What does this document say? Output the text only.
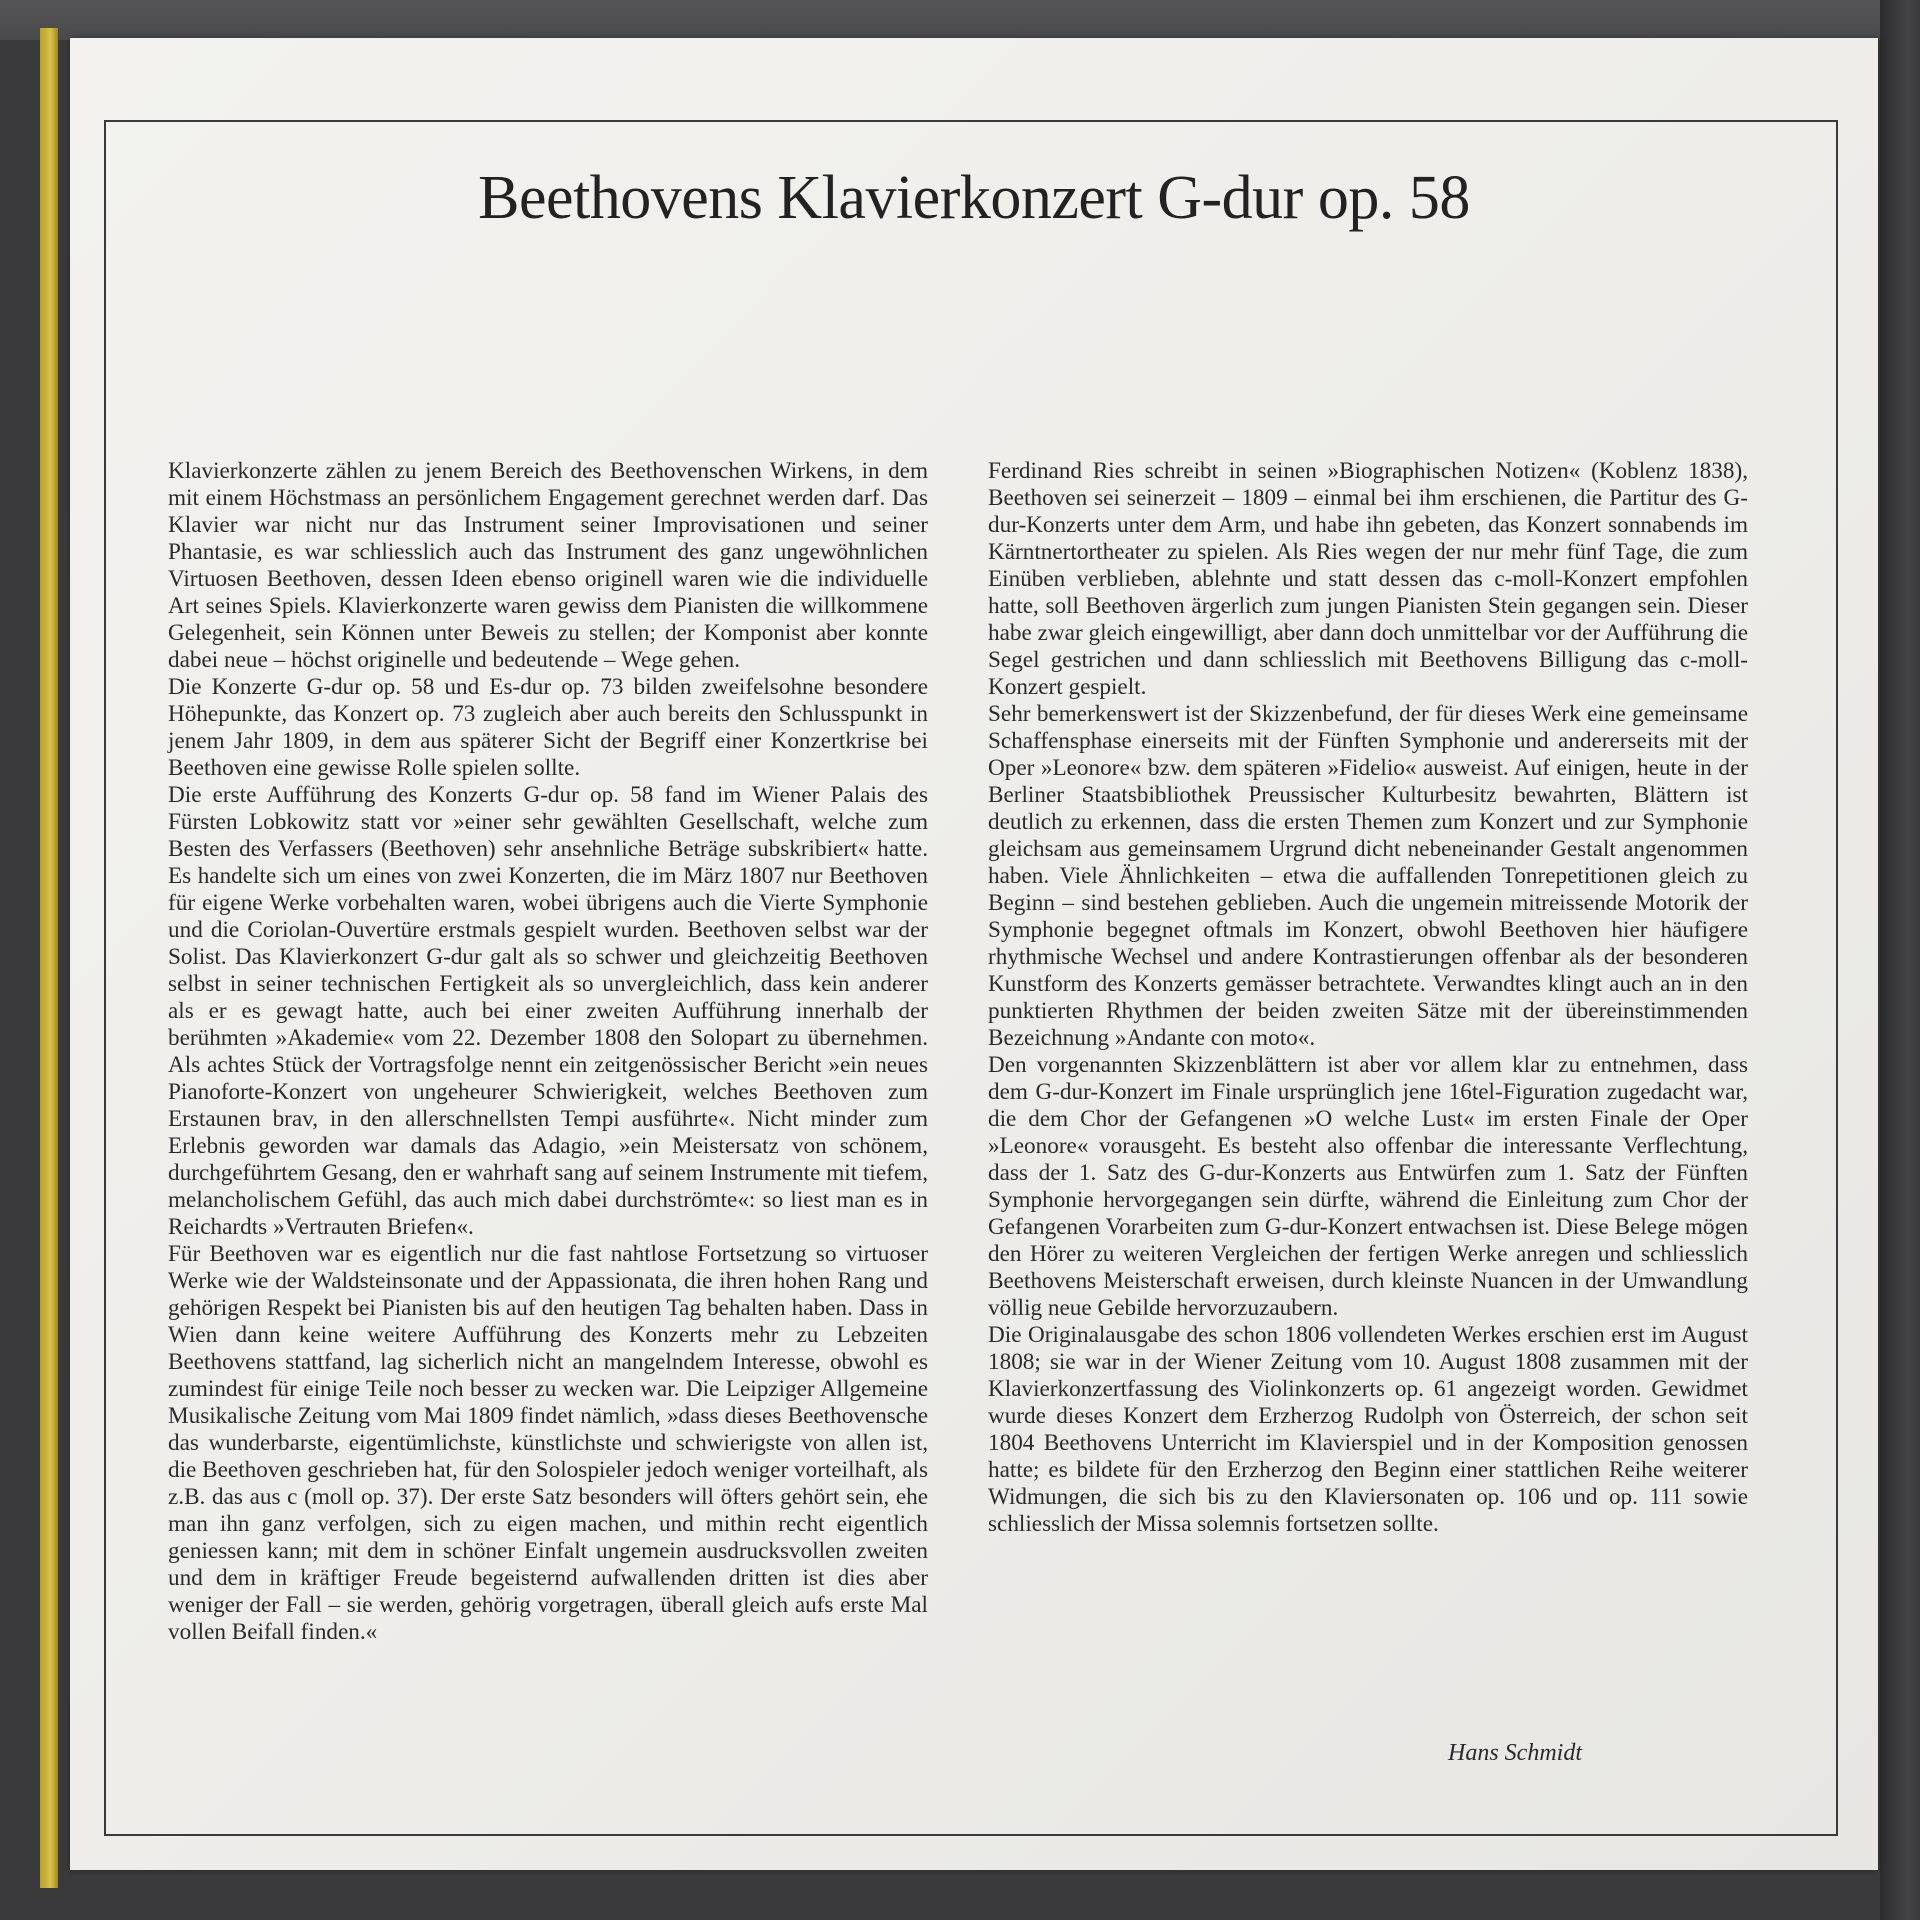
Beethovens Klavierkonzert G-dur op. 58

Klavierkonzerte zählen zu jenem Bereich des Beethovenschen Wirkens, in dem mit einem Höchstmass an persönlichem Engagement gerechnet werden darf. Das Klavier war nicht nur das Instrument seiner Improvisationen und seiner Phantasie, es war schliesslich auch das Instrument des ganz ungewöhnlichen Virtuosen Beethoven, dessen Ideen ebenso originell waren wie die individuelle Art seines Spiels. Klavierkonzerte waren gewiss dem Pianisten die willkommene Gelegenheit, sein Können unter Beweis zu stellen; der Komponist aber konnte dabei neue – höchst originelle und bedeutende – Wege gehen.

Die Konzerte G-dur op. 58 und Es-dur op. 73 bilden zweifelsohne besondere Höhepunkte, das Konzert op. 73 zugleich aber auch bereits den Schlusspunkt in jenem Jahr 1809, in dem aus späterer Sicht der Begriff einer Konzertkrise bei Beethoven eine gewisse Rolle spielen sollte.

Die erste Aufführung des Konzerts G-dur op. 58 fand im Wiener Palais des Fürsten Lobkowitz statt vor »einer sehr gewählten Gesellschaft, welche zum Besten des Verfassers (Beethoven) sehr ansehnliche Beträge subskribiert« hatte. Es handelte sich um eines von zwei Konzerten, die im März 1807 nur Beethoven für eigene Werke vorbehalten waren, wobei übrigens auch die Vierte Symphonie und die Coriolan-Ouvertüre erstmals gespielt wurden. Beethoven selbst war der Solist. Das Klavierkonzert G-dur galt als so schwer und gleichzeitig Beethoven selbst in seiner technischen Fertigkeit als so unvergleichlich, dass kein anderer als er es gewagt hatte, auch bei einer zweiten Aufführung innerhalb der berühmten »Akademie« vom 22. Dezember 1808 den Solopart zu übernehmen. Als achtes Stück der Vortragsfolge nennt ein zeitgenössischer Bericht »ein neues Pianoforte-Konzert von ungeheurer Schwierigkeit, welches Beethoven zum Erstaunen brav, in den allerschnellsten Tempi ausführte«. Nicht minder zum Erlebnis geworden war damals das Adagio, »ein Meistersatz von schönem, durchgeführtem Gesang, den er wahrhaft sang auf seinem Instrumente mit tiefem, melancholischem Gefühl, das auch mich dabei durchströmte«: so liest man es in Reichardts »Vertrauten Briefen«.

Für Beethoven war es eigentlich nur die fast nahtlose Fortsetzung so virtuoser Werke wie der Waldsteinsonate und der Appassionata, die ihren hohen Rang und gehörigen Respekt bei Pianisten bis auf den heutigen Tag behalten haben. Dass in Wien dann keine weitere Aufführung des Konzerts mehr zu Lebzeiten Beethovens stattfand, lag sicherlich nicht an mangelndem Interesse, obwohl es zumindest für einige Teile noch besser zu wecken war. Die Leipziger Allgemeine Musikalische Zeitung vom Mai 1809 findet nämlich, »dass dieses Beethovensche das wunderbarste, eigentümlichste, künstlichste und schwierigste von allen ist, die Beethoven geschrieben hat, für den Solospieler jedoch weniger vorteilhaft, als z.B. das aus c (moll op. 37). Der erste Satz besonders will öfters gehört sein, ehe man ihn ganz verfolgen, sich zu eigen machen, und mithin recht eigentlich geniessen kann; mit dem in schöner Einfalt ungemein ausdrucksvollen zweiten und dem in kräftiger Freude begeisternd aufwallenden dritten ist dies aber weniger der Fall – sie werden, gehörig vorgetragen, überall gleich aufs erste Mal vollen Beifall finden.«

Ferdinand Ries schreibt in seinen »Biographischen Notizen« (Koblenz 1838), Beethoven sei seinerzeit – 1809 – einmal bei ihm erschienen, die Partitur des G-dur-Konzerts unter dem Arm, und habe ihn gebeten, das Konzert sonnabends im Kärntnertortheater zu spielen. Als Ries wegen der nur mehr fünf Tage, die zum Einüben verblieben, ablehnte und statt dessen das c-moll-Konzert empfohlen hatte, soll Beethoven ärgerlich zum jungen Pianisten Stein gegangen sein. Dieser habe zwar gleich eingewilligt, aber dann doch unmittelbar vor der Aufführung die Segel gestrichen und dann schliesslich mit Beethovens Billigung das c-moll-Konzert gespielt.

Sehr bemerkenswert ist der Skizzenbefund, der für dieses Werk eine gemeinsame Schaffensphase einerseits mit der Fünften Symphonie und andererseits mit der Oper »Leonore« bzw. dem späteren »Fidelio« ausweist. Auf einigen, heute in der Berliner Staatsbibliothek Preussischer Kulturbesitz bewahrten, Blättern ist deutlich zu erkennen, dass die ersten Themen zum Konzert und zur Symphonie gleichsam aus gemeinsamem Urgrund dicht nebeneinander Gestalt angenommen haben. Viele Ähnlichkeiten – etwa die auffallenden Tonrepetitionen gleich zu Beginn – sind bestehen geblieben. Auch die ungemein mitreissende Motorik der Symphonie begegnet oftmals im Konzert, obwohl Beethoven hier häufigere rhythmische Wechsel und andere Kontrastierungen offenbar als der besonderen Kunstform des Konzerts gemässer betrachtete. Verwandtes klingt auch an in den punktierten Rhythmen der beiden zweiten Sätze mit der übereinstimmenden Bezeichnung »Andante con moto«.

Den vorgenannten Skizzenblättern ist aber vor allem klar zu entnehmen, dass dem G-dur-Konzert im Finale ursprünglich jene 16tel-Figuration zugedacht war, die dem Chor der Gefangenen »O welche Lust« im ersten Finale der Oper »Leonore« vorausgeht. Es besteht also offenbar die interessante Verflechtung, dass der 1. Satz des G-dur-Konzerts aus Entwürfen zum 1. Satz der Fünften Symphonie hervorgegangen sein dürfte, während die Einleitung zum Chor der Gefangenen Vorarbeiten zum G-dur-Konzert entwachsen ist. Diese Belege mögen den Hörer zu weiteren Vergleichen der fertigen Werke anregen und schliesslich Beethovens Meisterschaft erweisen, durch kleinste Nuancen in der Umwandlung völlig neue Gebilde hervorzuzaubern.

Die Originalausgabe des schon 1806 vollendeten Werkes erschien erst im August 1808; sie war in der Wiener Zeitung vom 10. August 1808 zusammen mit der Klavierkonzertfassung des Violinkonzerts op. 61 angezeigt worden. Gewidmet wurde dieses Konzert dem Erzherzog Rudolph von Österreich, der schon seit 1804 Beethovens Unterricht im Klavierspiel und in der Komposition genossen hatte; es bildete für den Erzherzog den Beginn einer stattlichen Reihe weiterer Widmungen, die sich bis zu den Klaviersonaten op. 106 und op. 111 sowie schliesslich der Missa solemnis fortsetzen sollte.

Hans Schmidt
